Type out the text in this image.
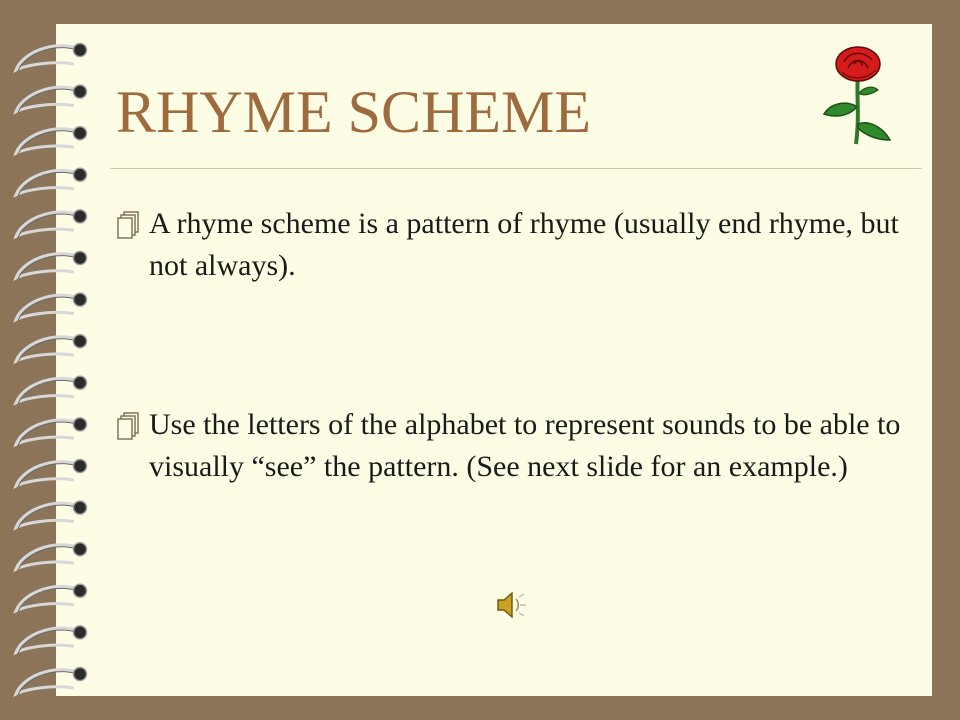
RHYME SCHEME
A rhyme scheme is a pattern of rhyme (usually end rhyme, but not always).
Use the letters of the alphabet to represent sounds to be able to visually “see” the pattern. (See next slide for an example.)
